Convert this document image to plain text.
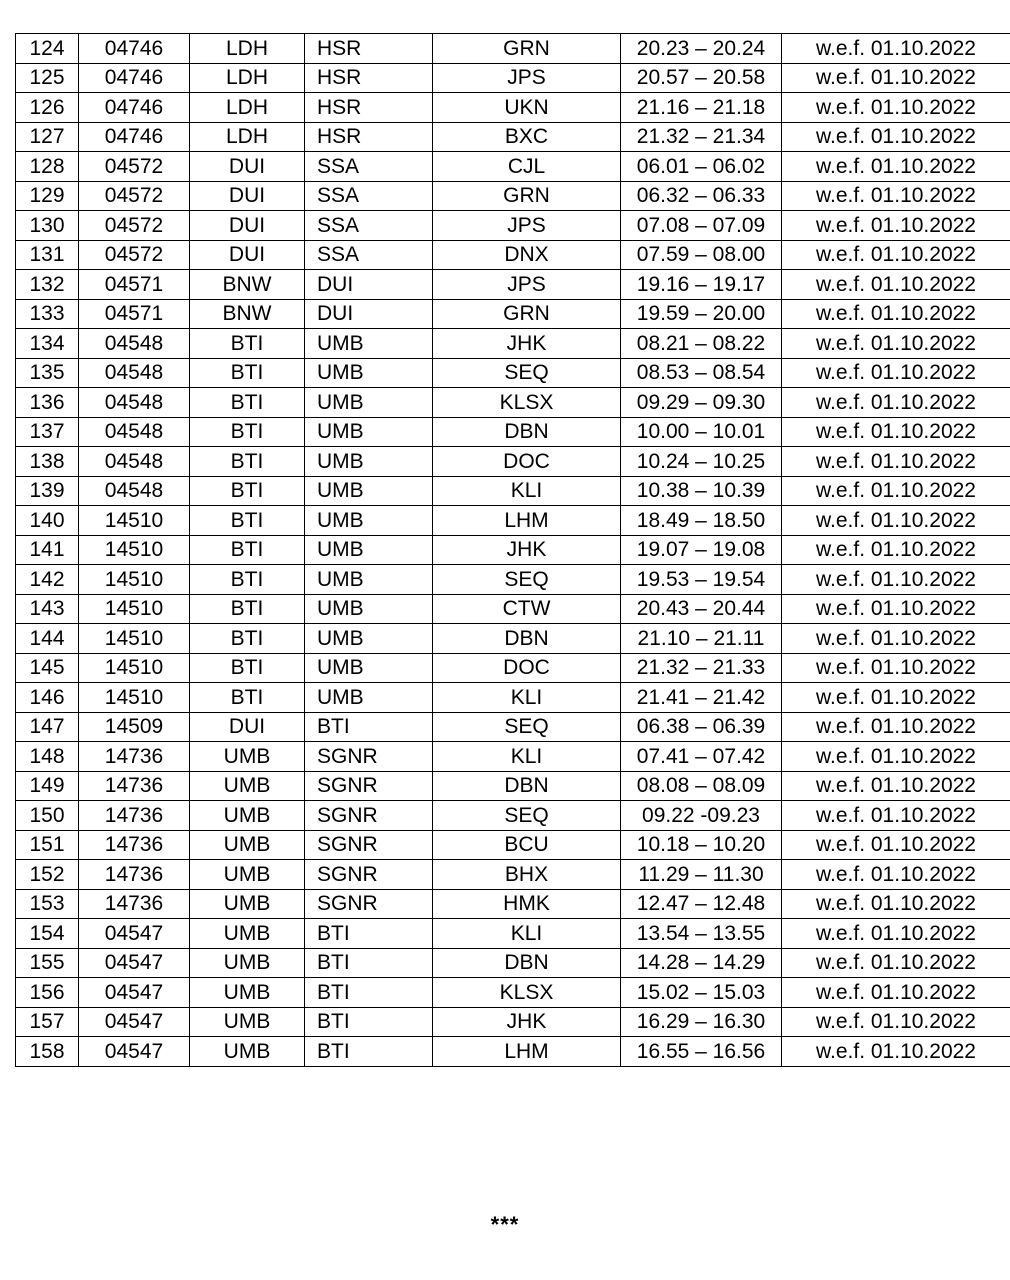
124	04746	LDH	HSR	GRN	20.23 – 20.24	w.e.f. 01.10.2022
125	04746	LDH	HSR	JPS	20.57 – 20.58	w.e.f. 01.10.2022
126	04746	LDH	HSR	UKN	21.16 – 21.18	w.e.f. 01.10.2022
127	04746	LDH	HSR	BXC	21.32 – 21.34	w.e.f. 01.10.2022
128	04572	DUI	SSA	CJL	06.01 – 06.02	w.e.f. 01.10.2022
129	04572	DUI	SSA	GRN	06.32 – 06.33	w.e.f. 01.10.2022
130	04572	DUI	SSA	JPS	07.08 – 07.09	w.e.f. 01.10.2022
131	04572	DUI	SSA	DNX	07.59 – 08.00	w.e.f. 01.10.2022
132	04571	BNW	DUI	JPS	19.16 – 19.17	w.e.f. 01.10.2022
133	04571	BNW	DUI	GRN	19.59 – 20.00	w.e.f. 01.10.2022
134	04548	BTI	UMB	JHK	08.21 – 08.22	w.e.f. 01.10.2022
135	04548	BTI	UMB	SEQ	08.53 – 08.54	w.e.f. 01.10.2022
136	04548	BTI	UMB	KLSX	09.29 – 09.30	w.e.f. 01.10.2022
137	04548	BTI	UMB	DBN	10.00 – 10.01	w.e.f. 01.10.2022
138	04548	BTI	UMB	DOC	10.24 – 10.25	w.e.f. 01.10.2022
139	04548	BTI	UMB	KLI	10.38 – 10.39	w.e.f. 01.10.2022
140	14510	BTI	UMB	LHM	18.49 – 18.50	w.e.f. 01.10.2022
141	14510	BTI	UMB	JHK	19.07 – 19.08	w.e.f. 01.10.2022
142	14510	BTI	UMB	SEQ	19.53 – 19.54	w.e.f. 01.10.2022
143	14510	BTI	UMB	CTW	20.43 – 20.44	w.e.f. 01.10.2022
144	14510	BTI	UMB	DBN	21.10 – 21.11	w.e.f. 01.10.2022
145	14510	BTI	UMB	DOC	21.32 – 21.33	w.e.f. 01.10.2022
146	14510	BTI	UMB	KLI	21.41 – 21.42	w.e.f. 01.10.2022
147	14509	DUI	BTI	SEQ	06.38 – 06.39	w.e.f. 01.10.2022
148	14736	UMB	SGNR	KLI	07.41 – 07.42	w.e.f. 01.10.2022
149	14736	UMB	SGNR	DBN	08.08 – 08.09	w.e.f. 01.10.2022
150	14736	UMB	SGNR	SEQ	09.22 -09.23	w.e.f. 01.10.2022
151	14736	UMB	SGNR	BCU	10.18 – 10.20	w.e.f. 01.10.2022
152	14736	UMB	SGNR	BHX	11.29 – 11.30	w.e.f. 01.10.2022
153	14736	UMB	SGNR	HMK	12.47 – 12.48	w.e.f. 01.10.2022
154	04547	UMB	BTI	KLI	13.54 – 13.55	w.e.f. 01.10.2022
155	04547	UMB	BTI	DBN	14.28 – 14.29	w.e.f. 01.10.2022
156	04547	UMB	BTI	KLSX	15.02 – 15.03	w.e.f. 01.10.2022
157	04547	UMB	BTI	JHK	16.29 – 16.30	w.e.f. 01.10.2022
158	04547	UMB	BTI	LHM	16.55 – 16.56	w.e.f. 01.10.2022
***
